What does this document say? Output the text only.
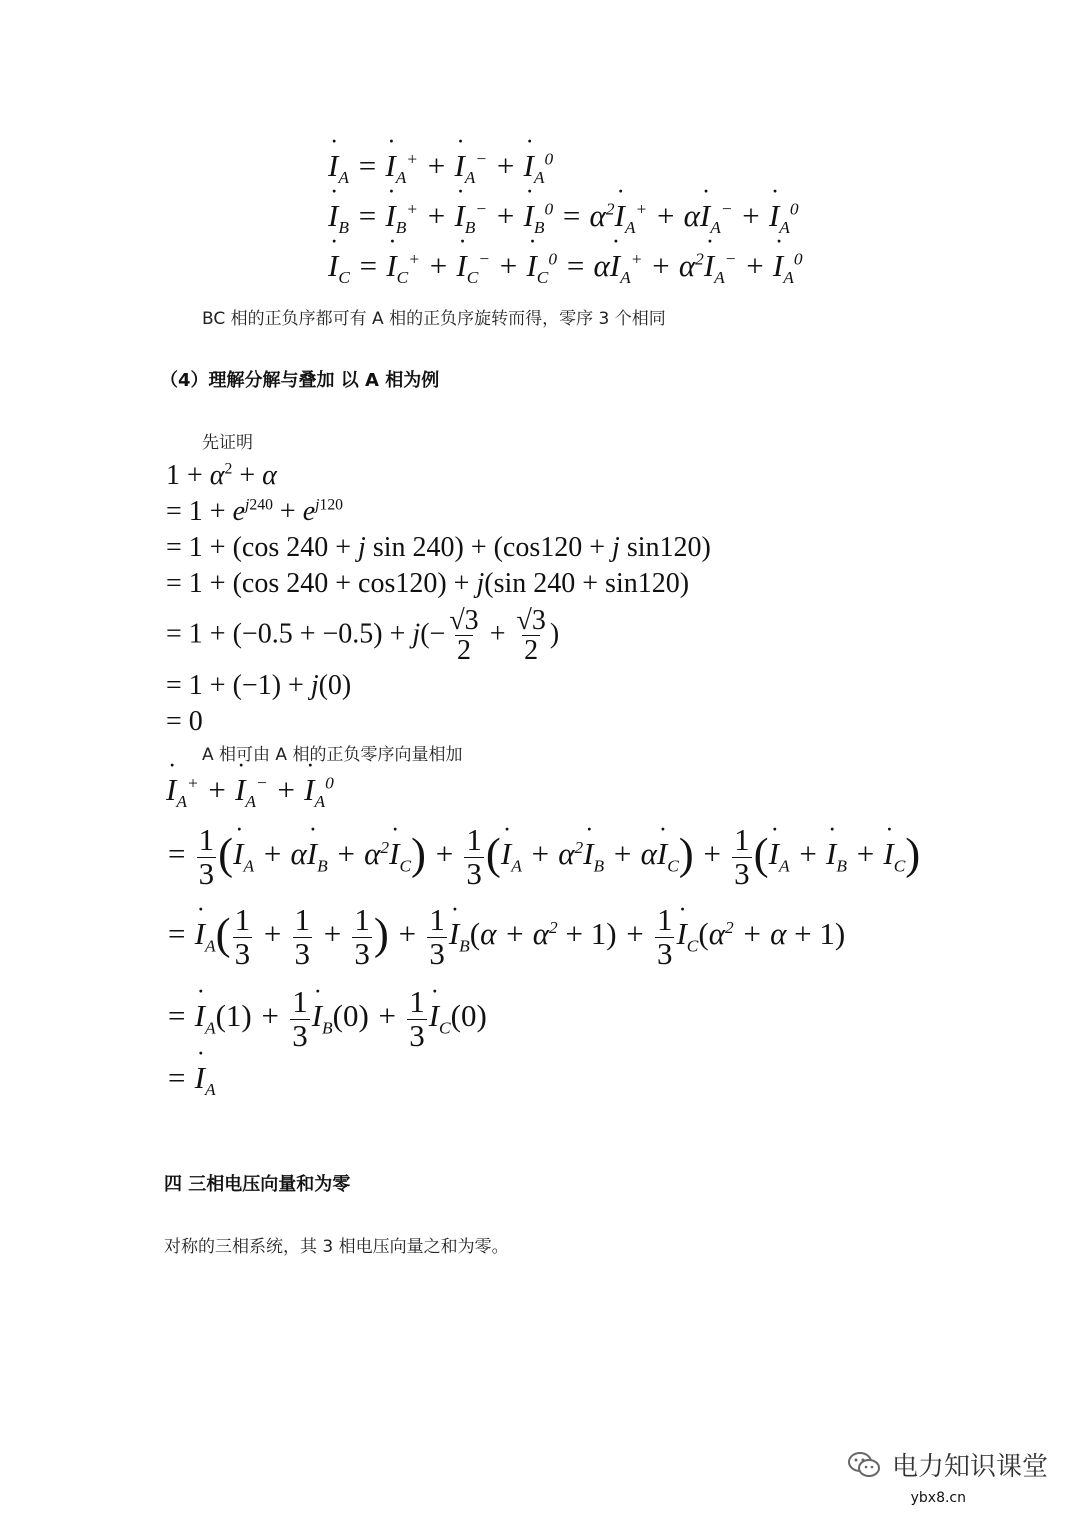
˙ $I_A$ = ˙ $I_A^+$ + ˙ $I_A^-$ + ˙ $I_A^0$
˙ $I_B$ = ˙ $I_B^+$ + ˙ $I_B^-$ + ˙ $I_B^0$ = $\alpha^2˙$ $I_A^+$ + α˙ $I_A^-$ + ˙ $I_A^0$
˙ $I_C$ = ˙ $I_C^+$ + ˙ $I_C^-$ + ˙ $I_C^0$ = α˙ $I_A^+$ + $\alpha^2˙$ $I_A^-$ + ˙ $I_A^0$
BC 相的正负序都可有 A 相的正负序旋转而得，零序 3 个相同
（4）理解分解与叠加 以 A 相为例
先证明
$1 + \alpha^2 + \alpha$
= $1 + e^{j240} + e^{j120}$
= 1 + (cos 240 + j sin 240) + (cos120 + j sin120)
= 1 + (cos 240 + cos120) + j(sin 240 + sin120)
= $1 + (-0.5 + -0.5) + j(- \frac{√3}{2} + \frac{√3}{2}$ )
= 1 + (−1) + j(0)
= 0
A 相可由 A 相的正负零序向量相加
˙ $I_A^+$ + ˙ $I_A^-$ + ˙ $I_A^0$
= $\frac{1}{3}$ (˙ $I_A$ + α˙ $I_B$ + $\alpha^2˙$ $I_C) + \frac{1}{3}$ (˙ $I_A$ + $\alpha^2˙$ $I_B$ + α˙ $I_C) + \frac{1}{3}$ (˙ $I_A$ + ˙ $I_B$ + ˙ $I_C$)
= ˙ $I_A( \frac{1}{3} + \frac{1}{3} + \frac{1}{3}$ ) + $\frac{1}{3}$ ˙ $I_B(\alpha + \alpha^2 + 1) + \frac{1}{3}$ ˙ $I_C(\alpha^2 + \alpha + 1)$
= ˙ $I_A(1) + \frac{1}{3}$ ˙ $I_B(0) + \frac{1}{3}$ ˙ $I_C(0)$
= ˙ $I_A$
四 三相电压向量和为零
对称的三相系统，其 3 相电压向量之和为零。
电力知识课堂
ybx8.cn
